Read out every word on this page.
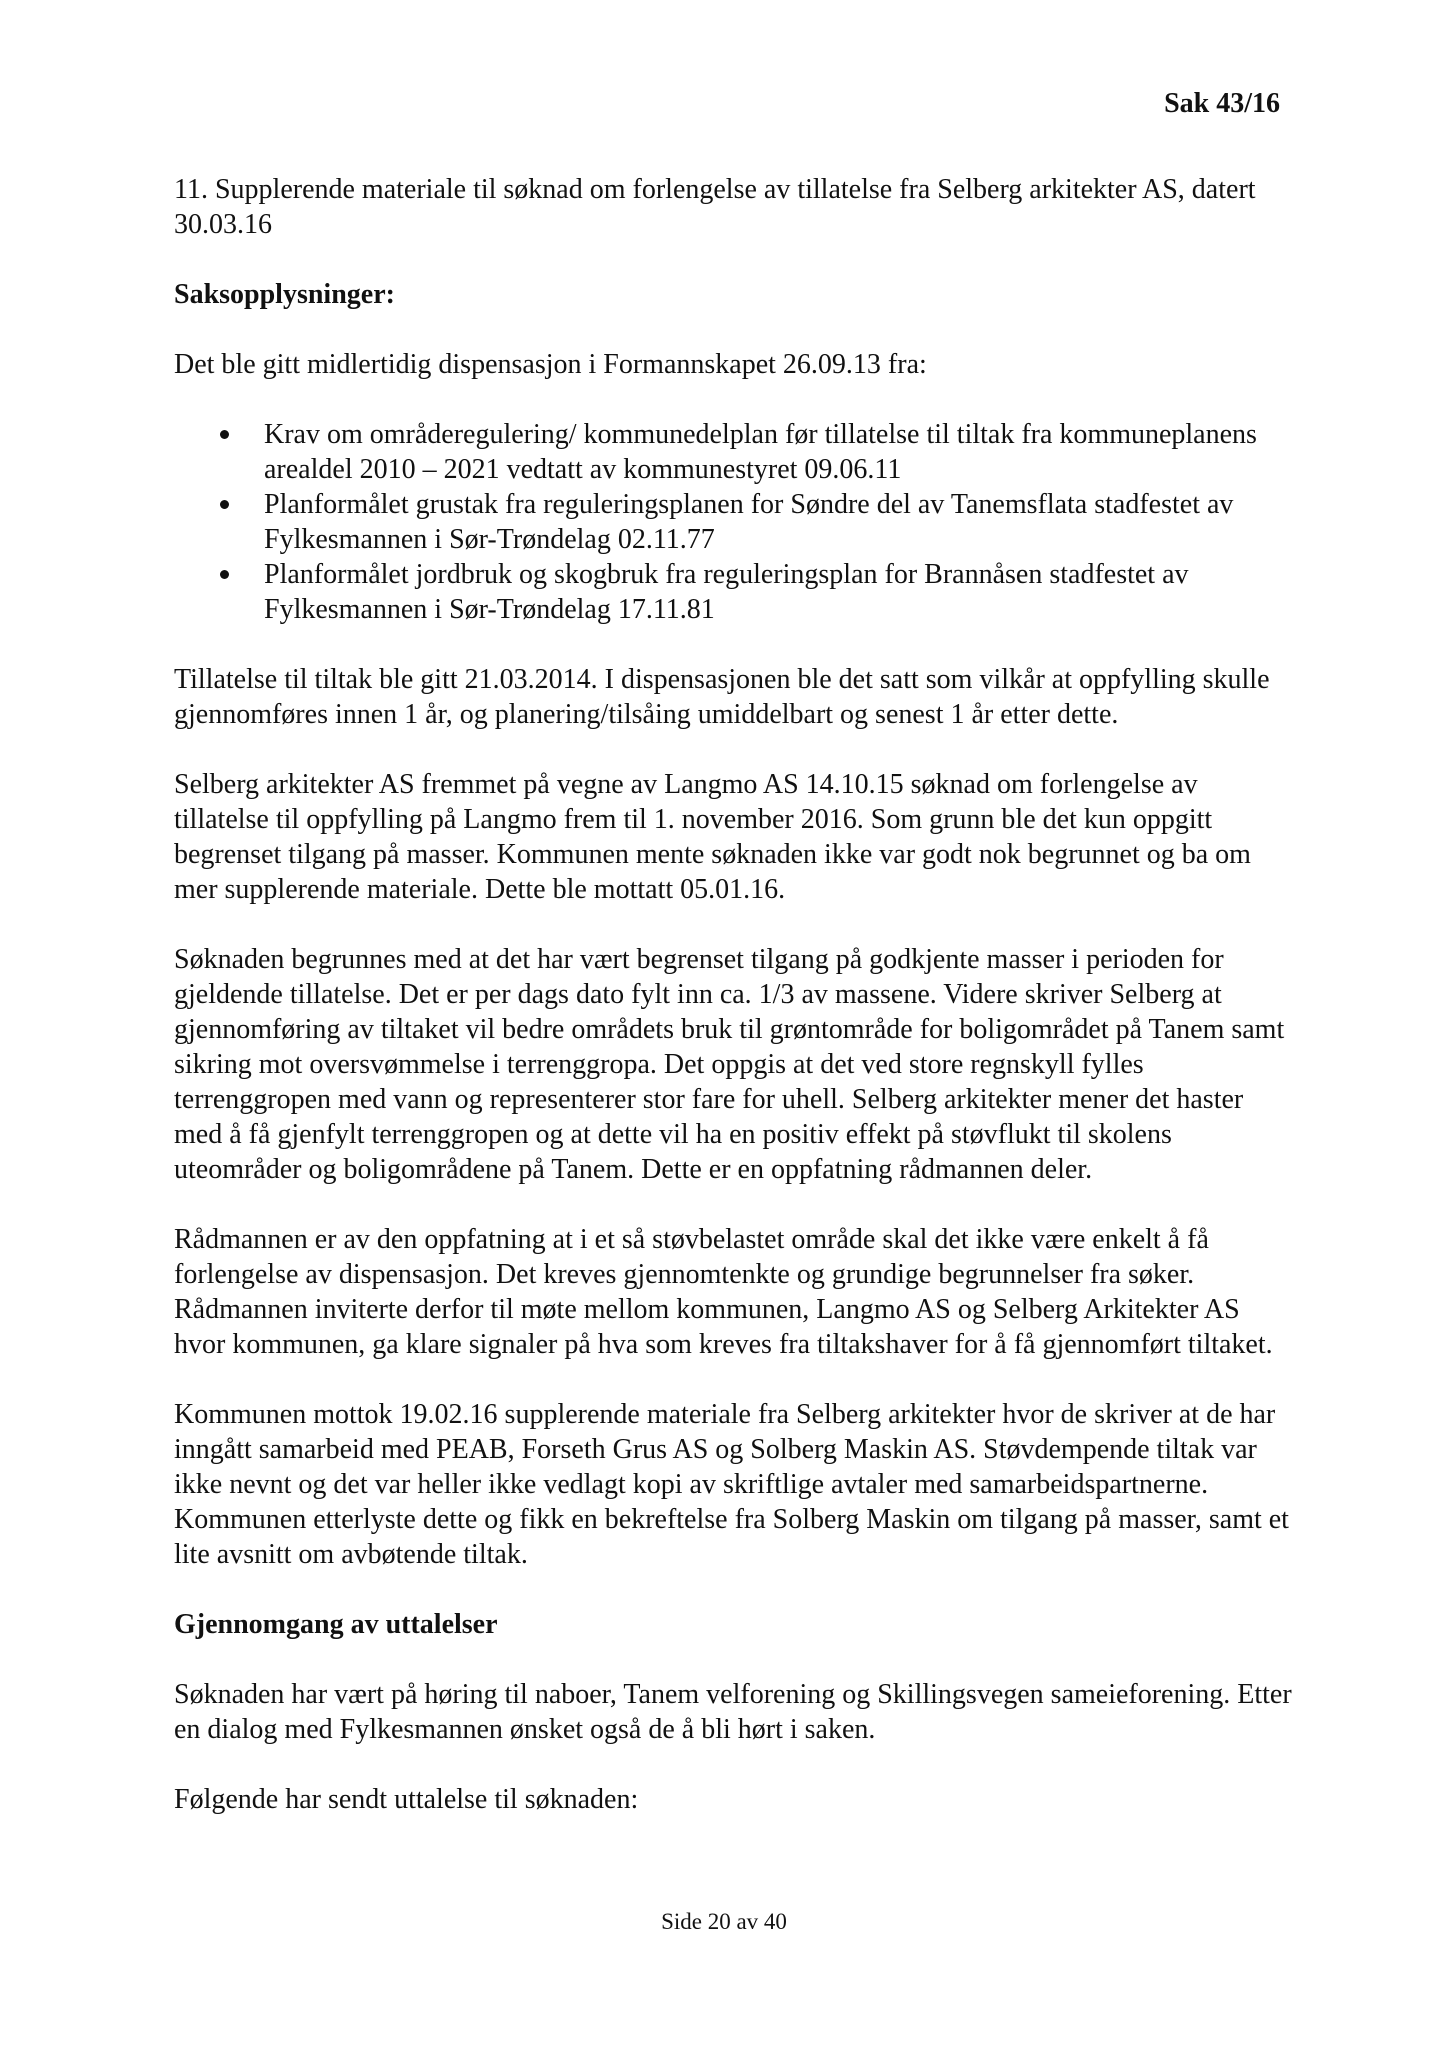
Sak 43/16

11. Supplerende materiale til søknad om forlengelse av tillatelse fra Selberg arkitekter AS, datert 30.03.16

Saksopplysninger:

Det ble gitt midlertidig dispensasjon i Formannskapet 26.09.13 fra:

Krav om områderegulering/ kommunedelplan før tillatelse til tiltak fra kommuneplanens arealdel 2010 – 2021 vedtatt av kommunestyret 09.06.11
Planformålet grustak fra reguleringsplanen for Søndre del av Tanemsflata stadfestet av Fylkesmannen i Sør-Trøndelag 02.11.77
Planformålet jordbruk og skogbruk fra reguleringsplan for Brannåsen stadfestet av Fylkesmannen i Sør-Trøndelag 17.11.81

Tillatelse til tiltak ble gitt 21.03.2014. I dispensasjonen ble det satt som vilkår at oppfylling skulle gjennomføres innen 1 år, og planering/tilsåing umiddelbart og senest 1 år etter dette.

Selberg arkitekter AS fremmet på vegne av Langmo AS 14.10.15 søknad om forlengelse av tillatelse til oppfylling på Langmo frem til 1. november 2016. Som grunn ble det kun oppgitt begrenset tilgang på masser. Kommunen mente søknaden ikke var godt nok begrunnet og ba om mer supplerende materiale. Dette ble mottatt 05.01.16.

Søknaden begrunnes med at det har vært begrenset tilgang på godkjente masser i perioden for gjeldende tillatelse. Det er per dags dato fylt inn ca. 1/3 av massene. Videre skriver Selberg at gjennomføring av tiltaket vil bedre områdets bruk til grøntområde for boligområdet på Tanem samt sikring mot oversvømmelse i terrenggropa. Det oppgis at det ved store regnskyll fylles terrenggropen med vann og representerer stor fare for uhell. Selberg arkitekter mener det haster med å få gjenfylt terrenggropen og at dette vil ha en positiv effekt på støvflukt til skolens uteområder og boligområdene på Tanem. Dette er en oppfatning rådmannen deler.

Rådmannen er av den oppfatning at i et så støvbelastet område skal det ikke være enkelt å få forlengelse av dispensasjon. Det kreves gjennomtenkte og grundige begrunnelser fra søker. Rådmannen inviterte derfor til møte mellom kommunen, Langmo AS og Selberg Arkitekter AS hvor kommunen, ga klare signaler på hva som kreves fra tiltakshaver for å få gjennomført tiltaket.

Kommunen mottok 19.02.16 supplerende materiale fra Selberg arkitekter hvor de skriver at de har inngått samarbeid med PEAB, Forseth Grus AS og Solberg Maskin AS. Støvdempende tiltak var ikke nevnt og det var heller ikke vedlagt kopi av skriftlige avtaler med samarbeidspartnerne. Kommunen etterlyste dette og fikk en bekreftelse fra Solberg Maskin om tilgang på masser, samt et lite avsnitt om avbøtende tiltak.

Gjennomgang av uttalelser

Søknaden har vært på høring til naboer, Tanem velforening og Skillingsvegen sameieforening. Etter en dialog med Fylkesmannen ønsket også de å bli hørt i saken.

Følgende har sendt uttalelse til søknaden:

Side 20 av 40
